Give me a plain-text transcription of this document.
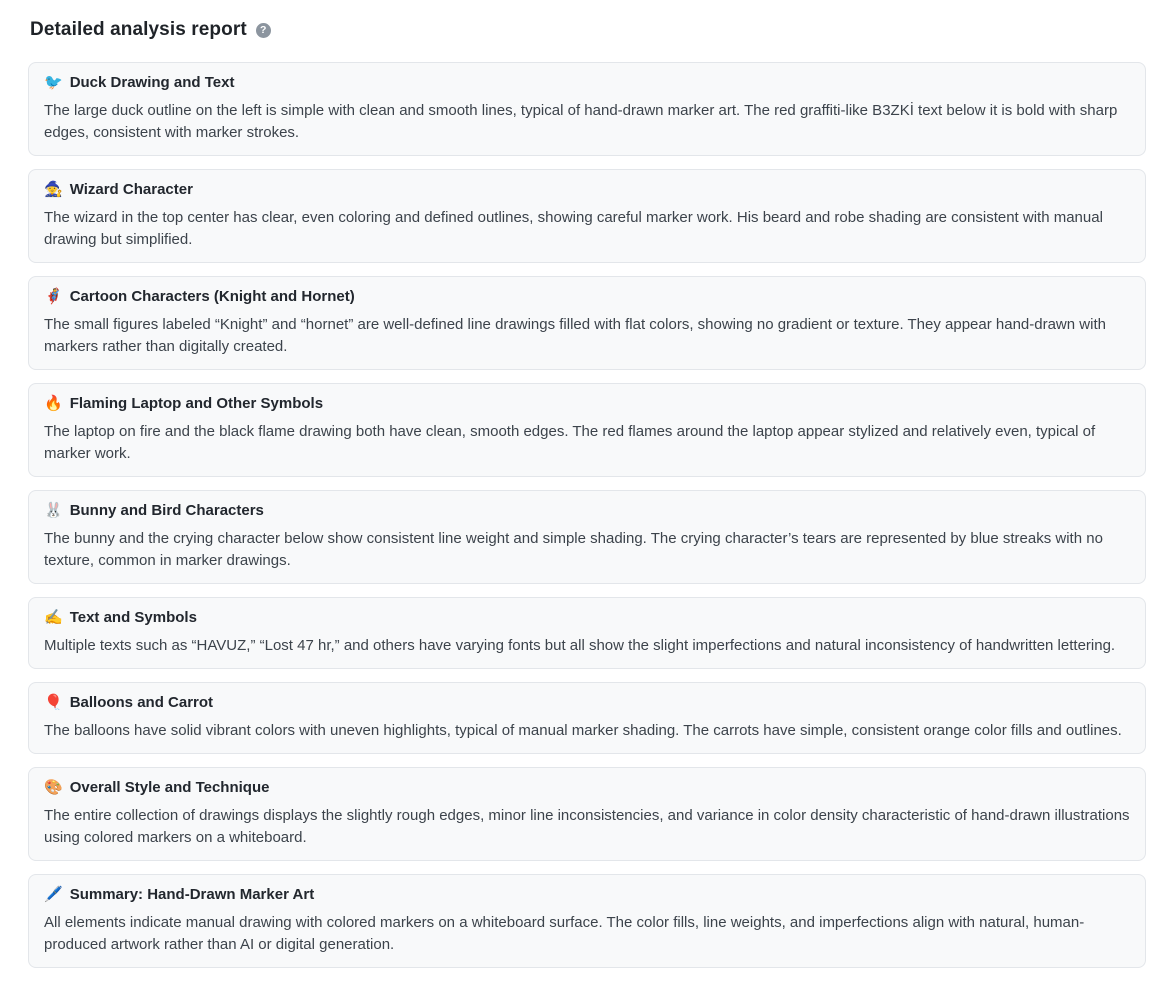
Detailed analysis report	?
🐦 Duck Drawing and Text

The large duck outline on the left is simple with clean and smooth lines, typical of hand-drawn marker art. The red graffiti-like B3ZKİ text below it is bold with sharp edges, consistent with marker strokes.

🧙 Wizard Character

The wizard in the top center has clear, even coloring and defined outlines, showing careful marker work. His beard and robe shading are consistent with manual drawing but simplified.

🦸 Cartoon Characters (Knight and Hornet)

The small figures labeled “Knight” and “hornet” are well-defined line drawings filled with flat colors, showing no gradient or texture. They appear hand-drawn with markers rather than digitally created.

🔥 Flaming Laptop and Other Symbols

The laptop on fire and the black flame drawing both have clean, smooth edges. The red flames around the laptop appear stylized and relatively even, typical of marker work.

🐰 Bunny and Bird Characters

The bunny and the crying character below show consistent line weight and simple shading. The crying character’s tears are represented by blue streaks with no texture, common in marker drawings.

✍️ Text and Symbols

Multiple texts such as “HAVUZ,” “Lost 47 hr,” and others have varying fonts but all show the slight imperfections and natural inconsistency of handwritten lettering.

🎈 Balloons and Carrot

The balloons have solid vibrant colors with uneven highlights, typical of manual marker shading. The carrots have simple, consistent orange color fills and outlines.

🎨 Overall Style and Technique

The entire collection of drawings displays the slightly rough edges, minor line inconsistencies, and variance in color density characteristic of hand-drawn illustrations using colored markers on a whiteboard.

🖊️ Summary: Hand-Drawn Marker Art

All elements indicate manual drawing with colored markers on a whiteboard surface. The color fills, line weights, and imperfections align with natural, human-produced artwork rather than AI or digital generation.
